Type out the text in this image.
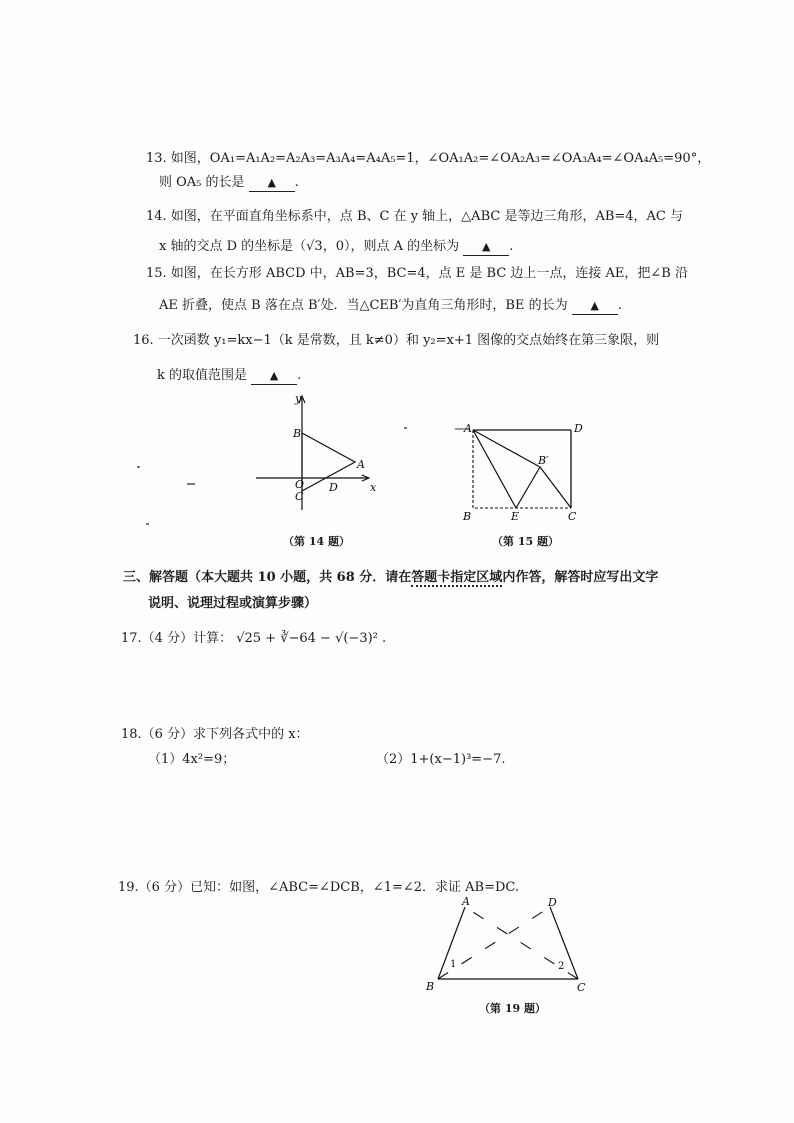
13. 如图，OA₁=A₁A₂=A₂A₃=A₃A₄=A₄A₅=1，∠OA₁A₂=∠OA₂A₃=∠OA₃A₄=∠OA₄A₅=90°，
则 OA₅ 的长是 ▲ .
14. 如图，在平面直角坐标系中，点 B、C 在 y 轴上，△ABC 是等边三角形，AB=4，AC 与
x 轴的交点 D 的坐标是（√3，0），则点 A 的坐标为 ▲ .
15. 如图，在长方形 ABCD 中，AB=3，BC=4，点 E 是 BC 边上一点，连接 AE，把∠B 沿
AE 折叠，使点 B 落在点 B′处．当△CEB′为直角三角形时，BE 的长为 ▲ .
16. 一次函数 y₁=kx−1（k 是常数，且 k≠0）和 y₂=x+1 图像的交点始终在第三象限，则
k 的取值范围是 ▲ .
y
x
B
A
O
C
D
（第 14 题）
A	D
B′
B	E	C
（第 15 题）
三、解答题（本大题共 10 小题，共 68 分．请在答题卡指定区域内作答，解答时应写出文字
说明、说理过程或演算步骤）
17.（4 分）计算： √25 + ∛−64 − √(−3)² .
18.（6 分）求下列各式中的 x：
（1）4x²=9；	（2）1+(x−1)³=−7.
19.（6 分）已知：如图，∠ABC=∠DCB，∠1=∠2．求证 AB=DC.
A	D
B	C
1	2
（第 19 题）
